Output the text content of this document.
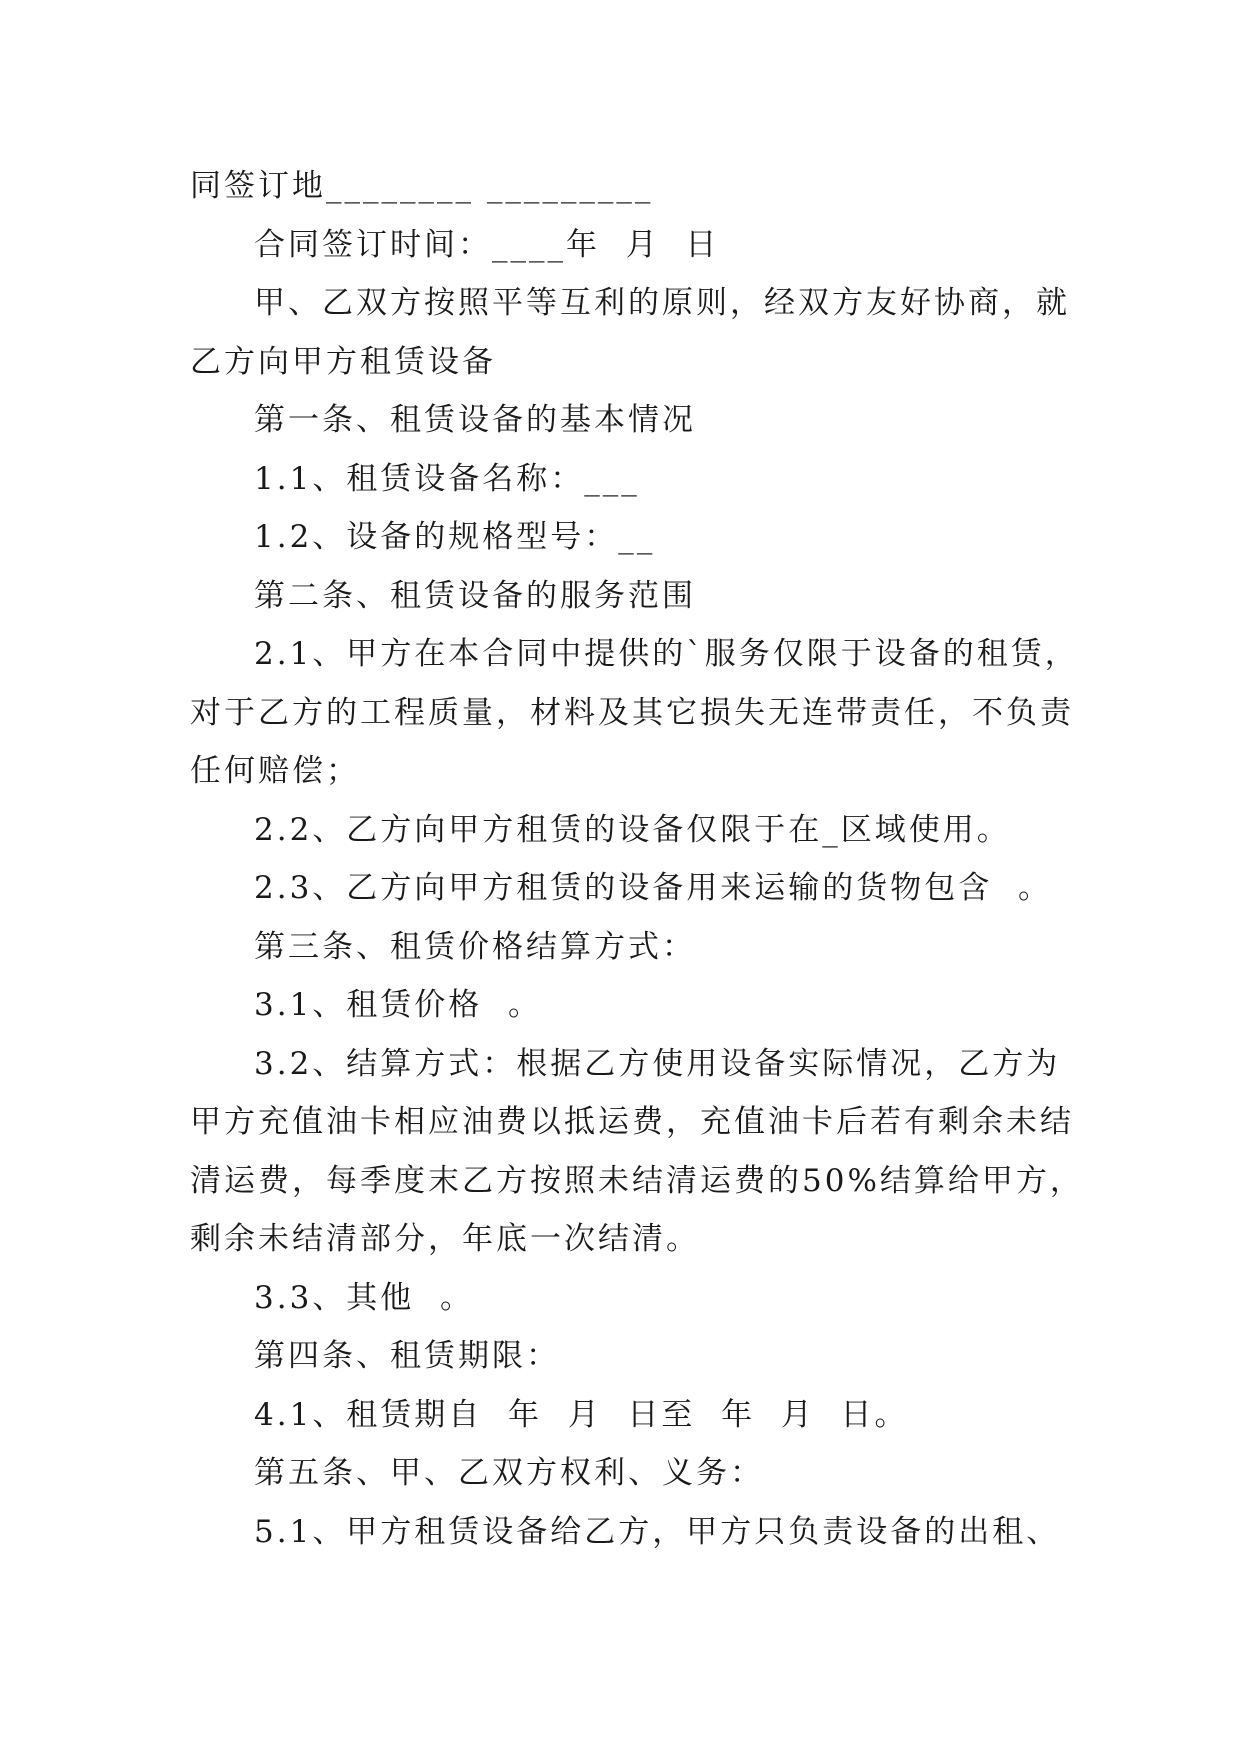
同签订地________ _________
合同签订时间：____年  月  日
甲、乙双方按照平等互利的原则，经双方友好协商，就
乙方向甲方租赁设备
第一条、租赁设备的基本情况
1.1、租赁设备名称：___
1.2、设备的规格型号：__
第二条、租赁设备的服务范围
2.1、甲方在本合同中提供的`服务仅限于设备的租赁，
对于乙方的工程质量，材料及其它损失无连带责任，不负责
任何赔偿；
2.2、乙方向甲方租赁的设备仅限于在_区域使用。
2.3、乙方向甲方租赁的设备用来运输的货物包含  。
第三条、租赁价格结算方式：
3.1、租赁价格  。
3.2、结算方式：根据乙方使用设备实际情况，乙方为
甲方充值油卡相应油费以抵运费，充值油卡后若有剩余未结
清运费，每季度末乙方按照未结清运费的50%结算给甲方，
剩余未结清部分，年底一次结清。
3.3、其他  。
第四条、租赁期限：
4.1、租赁期自  年  月  日至  年  月  日。
第五条、甲、乙双方权利、义务：
5.1、甲方租赁设备给乙方，甲方只负责设备的出租、
